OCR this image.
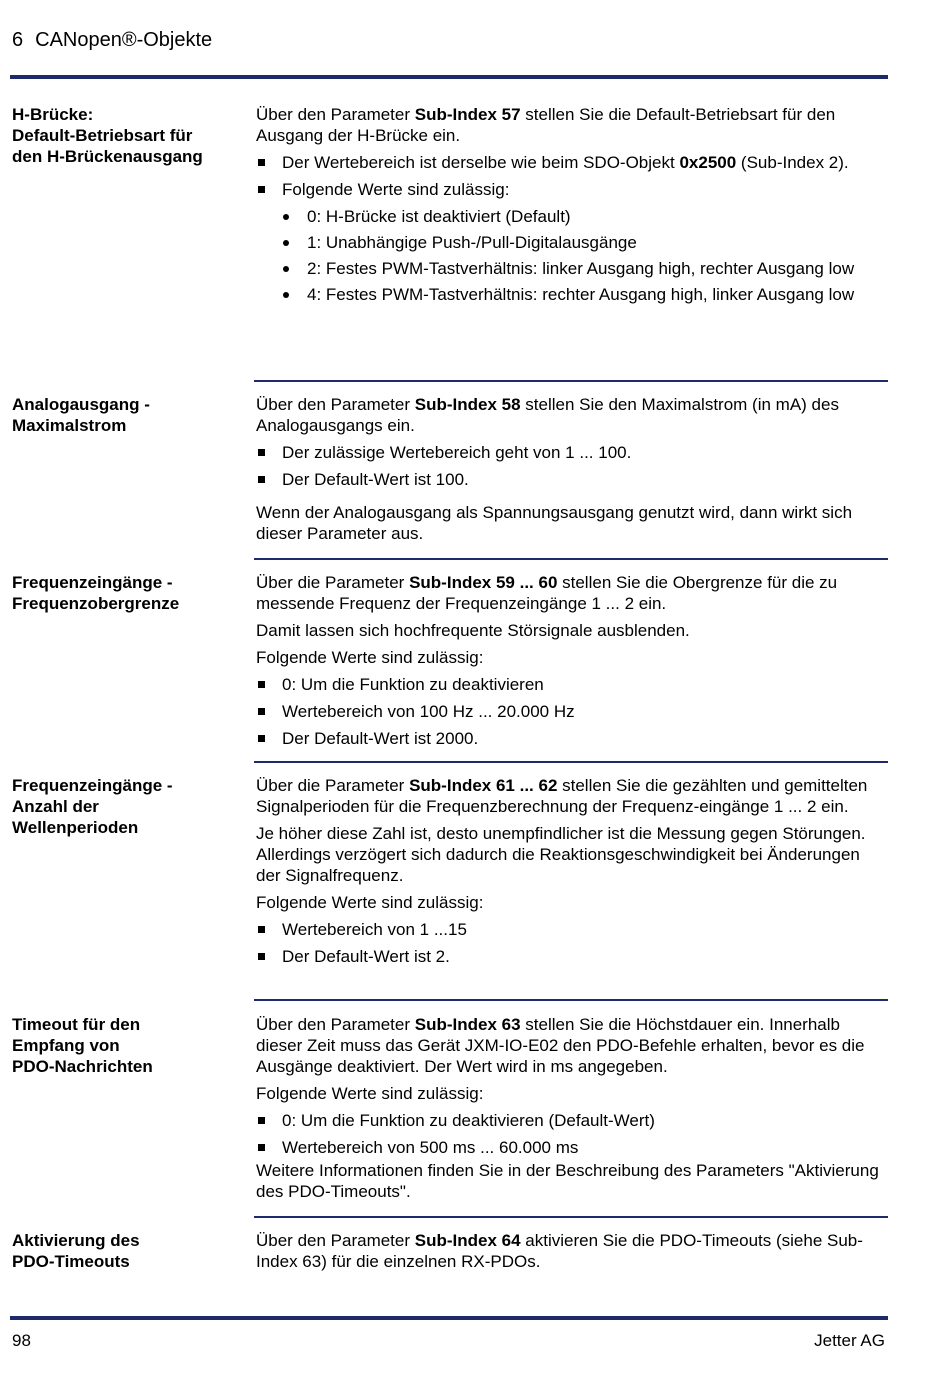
6 CANopen®-Objekte
H-Brücke:
Default-Betriebsart für
den H-Brückenausgang

Über den Parameter Sub-Index 57 stellen Sie die Default-Betriebsart für den Ausgang der H-Brücke ein.

Der Wertebereich ist derselbe wie beim SDO-Objekt 0x2500 (Sub-Index 2).
Folgende Werte sind zulässig:
0: H-Brücke ist deaktiviert (Default)
1: Unabhängige Push-/Pull-Digitalausgänge
2: Festes PWM-Tastverhältnis: linker Ausgang high, rechter Ausgang low
4: Festes PWM-Tastverhältnis: rechter Ausgang high, linker Ausgang low
Analogausgang -
Maximalstrom

Über den Parameter Sub-Index 58 stellen Sie den Maximalstrom (in mA) des Analogausgangs ein.

Der zulässige Wertebereich geht von 1 ... 100.
Der Default-Wert ist 100.

Wenn der Analogausgang als Spannungsausgang genutzt wird, dann wirkt sich dieser Parameter aus.

Frequenzeingänge -
Frequenzobergrenze

Über die Parameter Sub-Index 59 ... 60 stellen Sie die Obergrenze für die zu messende Frequenz der Frequenzeingänge 1 ... 2 ein.

Damit lassen sich hochfrequente Störsignale ausblenden.

Folgende Werte sind zulässig:

0: Um die Funktion zu deaktivieren
Wertebereich von 100 Hz ... 20.000 Hz
Der Default-Wert ist 2000.
Frequenzeingänge -
Anzahl der
Wellenperioden

Über die Parameter Sub-Index 61 ... 62 stellen Sie die gezählten und gemittelten Signalperioden für die Frequenzberechnung der Frequenz-eingänge 1 ... 2 ein.

Je höher diese Zahl ist, desto unempfindlicher ist die Messung gegen Störungen. Allerdings verzögert sich dadurch die Reaktionsgeschwindigkeit bei Änderungen der Signalfrequenz.

Folgende Werte sind zulässig:

Wertebereich von 1 ...15
Der Default-Wert ist 2.
Timeout für den
Empfang von
PDO-Nachrichten

Über den Parameter Sub-Index 63 stellen Sie die Höchstdauer ein. Innerhalb dieser Zeit muss das Gerät JXM-IO-E02 den PDO-Befehle erhalten, bevor es die Ausgänge deaktiviert. Der Wert wird in ms angegeben.

Folgende Werte sind zulässig:

0: Um die Funktion zu deaktivieren (Default-Wert)
Wertebereich von 500 ms ... 60.000 ms

Weitere Informationen finden Sie in der Beschreibung des Parameters "Aktivierung des PDO-Timeouts".

Aktivierung des
PDO-Timeouts

Über den Parameter Sub-Index 64 aktivieren Sie die PDO-Timeouts (siehe Sub-Index 63) für die einzelnen RX-PDOs.

98	Jetter AG
